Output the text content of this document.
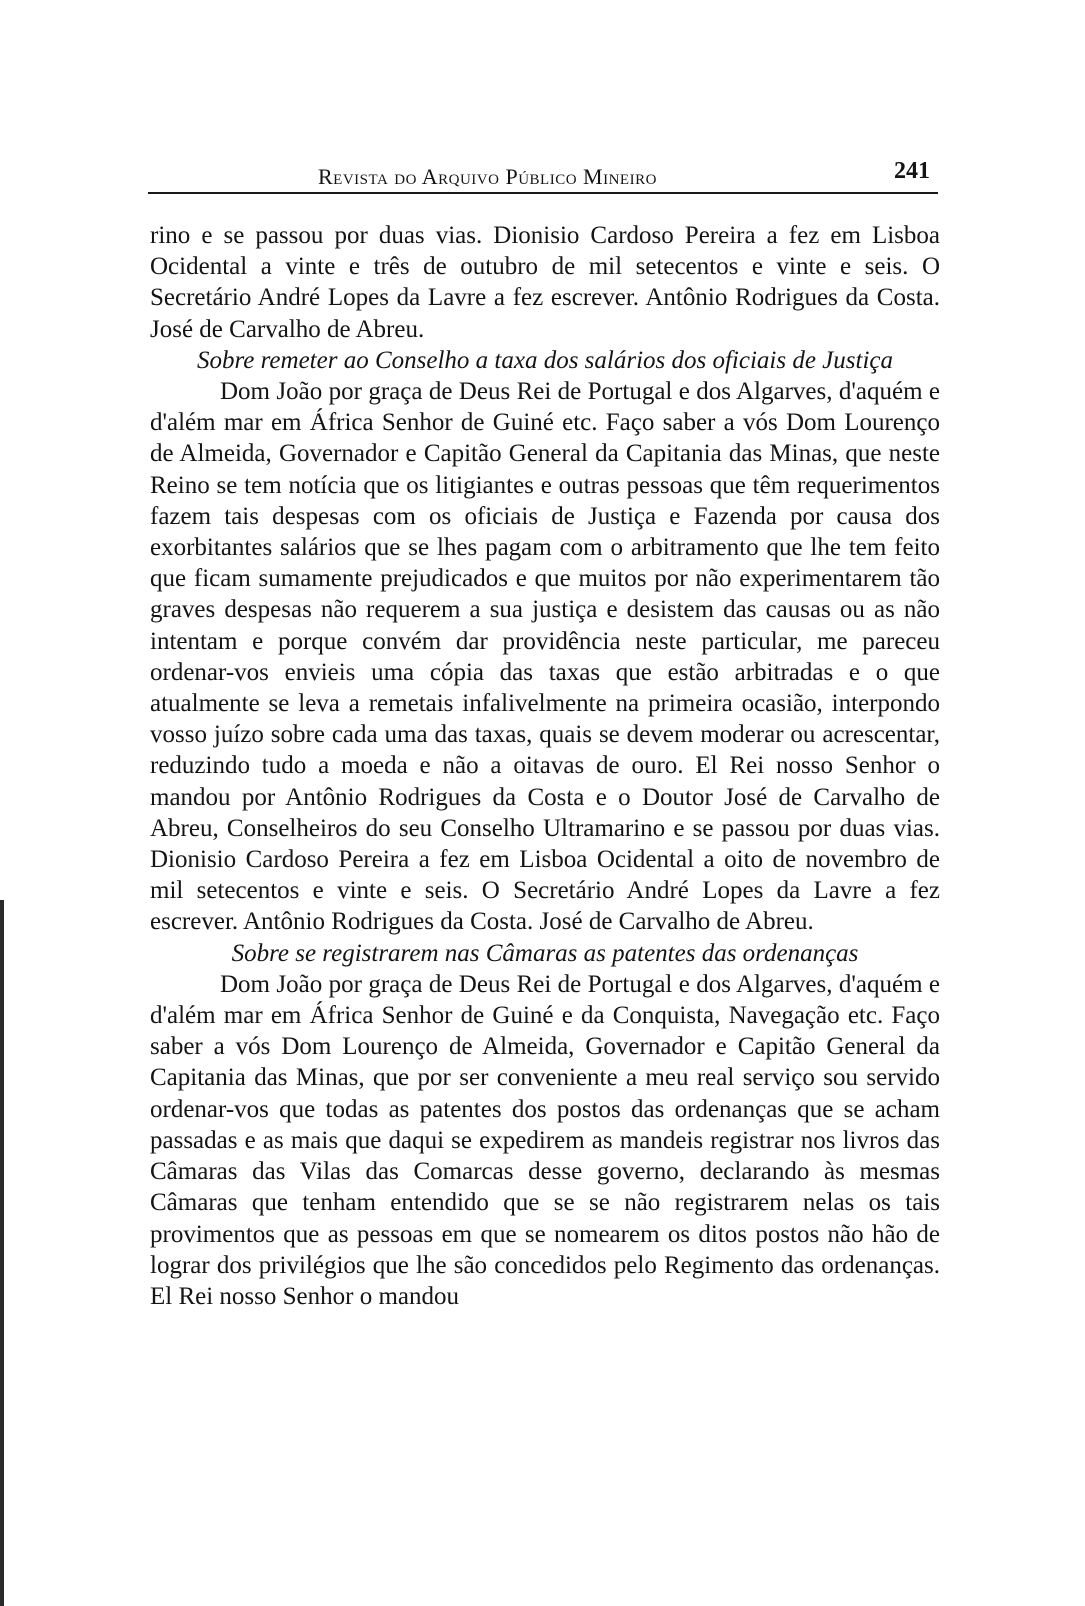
Revista do Arquivo Público Mineiro	241

rino e se passou por duas vias. Dionisio Cardoso Pereira a fez em Lisboa Ocidental a vinte e três de outubro de mil setecentos e vinte e seis. O Secretário André Lopes da Lavre a fez escrever. Antônio Rodrigues da Costa. José de Carvalho de Abreu.

Sobre remeter ao Conselho a taxa dos salários dos oficiais de Justiça

Dom João por graça de Deus Rei de Portugal e dos Algarves, d'aquém e d'além mar em África Senhor de Guiné etc. Faço saber a vós Dom Lourenço de Almeida, Governador e Capitão General da Capitania das Minas, que neste Reino se tem notícia que os litigiantes e outras pessoas que têm requerimentos fazem tais despesas com os oficiais de Justiça e Fazenda por causa dos exorbitantes salários que se lhes pagam com o arbitramento que lhe tem feito que ficam sumamente prejudicados e que muitos por não experimentarem tão graves despesas não requerem a sua justiça e desistem das causas ou as não intentam e porque convém dar providência neste particular, me pareceu ordenar-vos envieis uma cópia das taxas que estão arbitradas e o que atualmente se leva a remetais infalivelmente na primeira ocasião, interpondo vosso juízo sobre cada uma das taxas, quais se devem moderar ou acrescentar, reduzindo tudo a moeda e não a oitavas de ouro. El Rei nosso Senhor o mandou por Antônio Rodrigues da Costa e o Doutor José de Carvalho de Abreu, Conselheiros do seu Conselho Ultramarino e se passou por duas vias. Dionisio Cardoso Pereira a fez em Lisboa Ocidental a oito de novembro de mil setecentos e vinte e seis. O Secretário André Lopes da Lavre a fez escrever. Antônio Rodrigues da Costa. José de Carvalho de Abreu.

Sobre se registrarem nas Câmaras as patentes das ordenanças

Dom João por graça de Deus Rei de Portugal e dos Algarves, d'aquém e d'além mar em África Senhor de Guiné e da Conquista, Navegação etc. Faço saber a vós Dom Lourenço de Almeida, Governador e Capitão General da Capitania das Minas, que por ser conveniente a meu real serviço sou servido ordenar-vos que todas as patentes dos postos das ordenanças que se acham passadas e as mais que daqui se expedirem as mandeis registrar nos livros das Câmaras das Vilas das Comarcas desse governo, declarando às mesmas Câmaras que tenham entendido que se se não registrarem nelas os tais provimentos que as pessoas em que se nomearem os ditos postos não hão de lograr dos privilégios que lhe são concedidos pelo Regimento das ordenanças. El Rei nosso Senhor o mandou
